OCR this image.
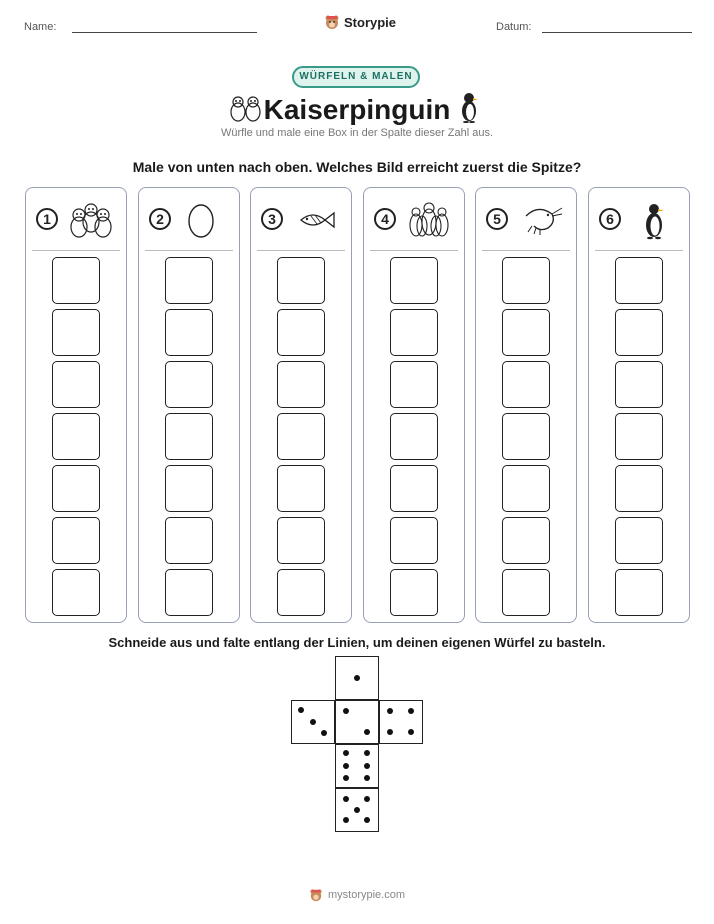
Name:	Storypie	Datum:
WÜRFELN & MALEN
Kaiserpinguin
Würfle und male eine Box in der Spalte dieser Zahl aus.
Male von unten nach oben. Welches Bild erreicht zuerst die Spitze?
1	2	3	4	5	6
Schneide aus und falte entlang der Linien, um deinen eigenen Würfel zu basteln.
mystorypie.com
